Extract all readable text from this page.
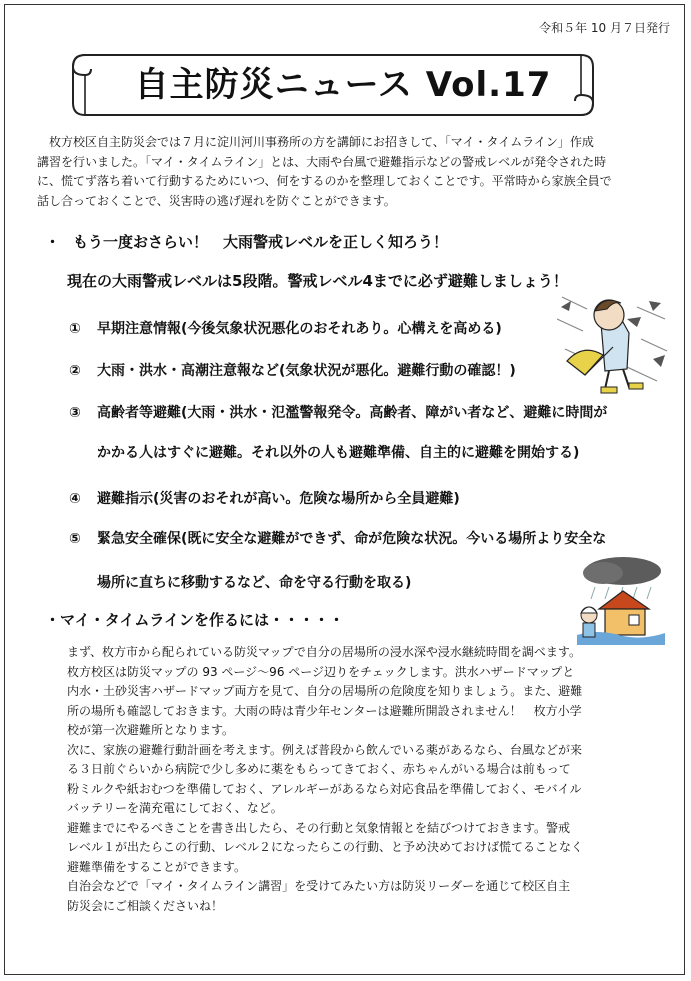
令和５年 10 月７日発行
自主防災ニュース Vol.17
枚方校区自主防災会では７月に淀川河川事務所の方を講師にお招きして、「マイ・タイムライン」作成
講習を行いました。「マイ・タイムライン」とは、大雨や台風で避難指示などの警戒レベルが発令された時
に、慌てず落ち着いて行動するためにいつ、何をするのかを整理しておくことです。平常時から家族全員で
話し合っておくことで、災害時の逃げ遅れを防ぐことができます。
・ もう一度おさらい！　大雨警戒レベルを正しく知ろう！
現在の大雨警戒レベルは5段階。警戒レベル4までに必ず避難しましょう！
① 早期注意情報(今後気象状況悪化のおそれあり。心構えを高める)
② 大雨・洪水・高潮注意報など(気象状況が悪化。避難行動の確認！)
③ 高齢者等避難(大雨・洪水・氾濫警報発令。高齢者、障がい者など、避難に時間が
かかる人はすぐに避難。それ以外の人も避難準備、自主的に避難を開始する)
④ 避難指示(災害のおそれが高い。危険な場所から全員避難)
⑤ 緊急安全確保(既に安全な避難ができず、命が危険な状況。今いる場所より安全な
場所に直ちに移動するなど、命を守る行動を取る)
・マイ・タイムラインを作るには・・・・・

まず、枚方市から配られている防災マップで自分の居場所の浸水深や浸水継続時間を調べます。

枚方校区は防災マップの 93 ページ～96 ページ辺りをチェックします。洪水ハザードマップと

内水・土砂災害ハザードマップ両方を見て、自分の居場所の危険度を知りましょう。また、避難

所の場所も確認しておきます。大雨の時は青少年センターは避難所開設されません！　枚方小学

校が第一次避難所となります。

次に、家族の避難行動計画を考えます。例えば普段から飲んでいる薬があるなら、台風などが来

る３日前ぐらいから病院で少し多めに薬をもらってきておく、赤ちゃんがいる場合は前もって

粉ミルクや紙おむつを準備しておく、アレルギーがあるなら対応食品を準備しておく、モバイル

バッテリーを満充電にしておく、など。

避難までにやるべきことを書き出したら、その行動と気象情報とを結びつけておきます。警戒

レベル１が出たらこの行動、レベル２になったらこの行動、と予め決めておけば慌てることなく

避難準備をすることができます。

自治会などで「マイ・タイムライン講習」を受けてみたい方は防災リーダーを通じて校区自主

防災会にご相談くださいね！
